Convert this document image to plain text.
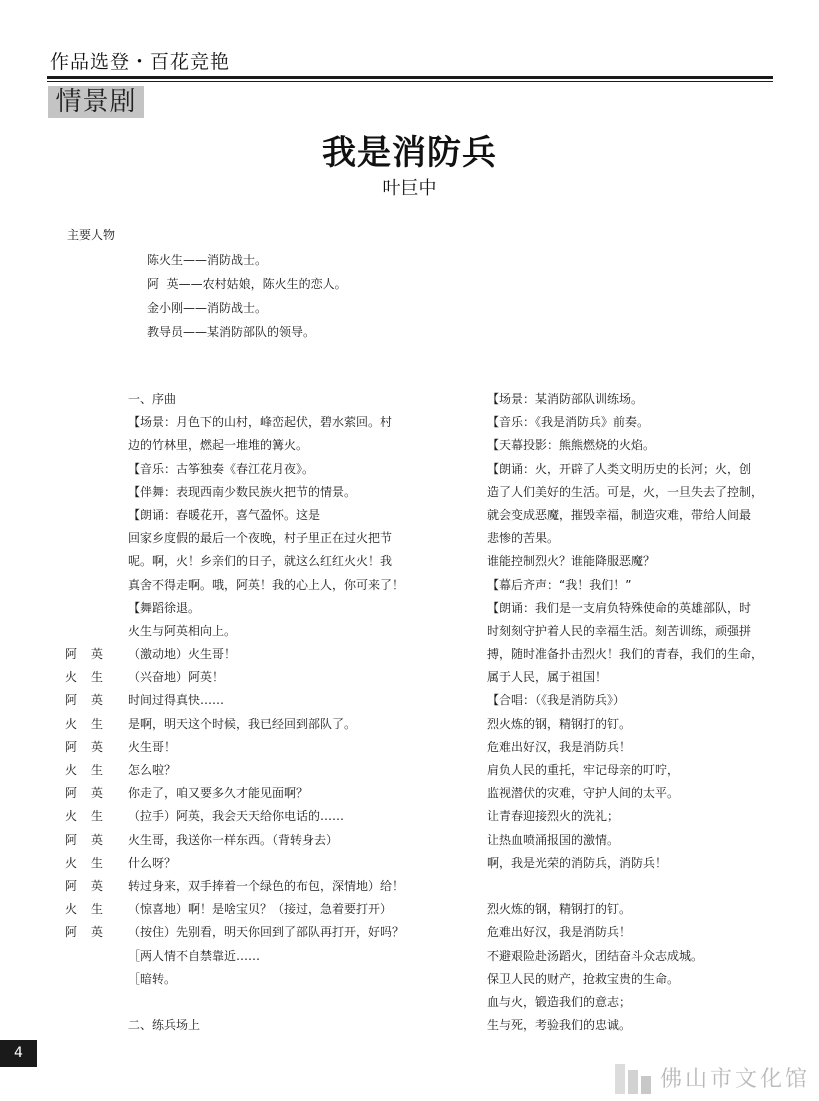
作品选登・百花竞艳
情景剧
我是消防兵
叶巨中
主要人物
陈火生——消防战士。
阿  英——农村姑娘，陈火生的恋人。
金小刚——消防战士。
教导员——某消防部队的领导。
一、序曲
【场景：月色下的山村，峰峦起伏，碧水萦回。村
边的竹林里，燃起一堆堆的篝火。
【音乐：古筝独奏《春江花月夜》。
【伴舞：表现西南少数民族火把节的情景。
【朗诵：春暖花开，喜气盈怀。这是
回家乡度假的最后一个夜晚，村子里正在过火把节
呢。啊，火！乡亲们的日子，就这么红红火火！我
真舍不得走啊。哦，阿英！我的心上人，你可来了！
【舞蹈徐退。
火生与阿英相向上。
阿英 （激动地）火生哥！
火生 （兴奋地）阿英！
阿英 时间过得真快……
火生 是啊，明天这个时候，我已经回到部队了。
阿英 火生哥！
火生 怎么啦？
阿英 你走了，咱又要多久才能见面啊？
火生 （拉手）阿英，我会天天给你电话的……
阿英 火生哥，我送你一样东西。（背转身去）
火生 什么呀？
阿英 转过身来，双手捧着一个绿色的布包，深情地）给！
火生 （惊喜地）啊！是啥宝贝？（接过，急着要打开）
阿英 （按住）先别看，明天你回到了部队再打开，好吗？
［两人情不自禁靠近……
［暗转。
二、练兵场上
【场景：某消防部队训练场。
【音乐：《我是消防兵》前奏。
【天幕投影：熊熊燃烧的火焰。
【朗诵：火，开辟了人类文明历史的长河；火，创
造了人们美好的生活。可是，火，一旦失去了控制，
就会变成恶魔，摧毁幸福，制造灾难，带给人间最
悲惨的苦果。
谁能控制烈火？谁能降服恶魔？
【幕后齐声：“我！我们！”
【朗诵：我们是一支肩负特殊使命的英雄部队，时
时刻刻守护着人民的幸福生活。刻苦训练，顽强拼
搏，随时准备扑击烈火！我们的青春，我们的生命，
属于人民，属于祖国！
【合唱：（《我是消防兵》）
烈火炼的钢，精钢打的钉。
危难出好汉，我是消防兵！
肩负人民的重托，牢记母亲的叮咛，
监视潜伏的灾难，守护人间的太平。
让青春迎接烈火的洗礼；
让热血喷涌报国的激情。
啊，我是光荣的消防兵，消防兵！
烈火炼的钢，精钢打的钉。
危难出好汉，我是消防兵！
不避艰险赴汤蹈火，团结奋斗众志成城。
保卫人民的财产，抢救宝贵的生命。
血与火，锻造我们的意志；
生与死，考验我们的忠诚。
4
佛山市文化馆
